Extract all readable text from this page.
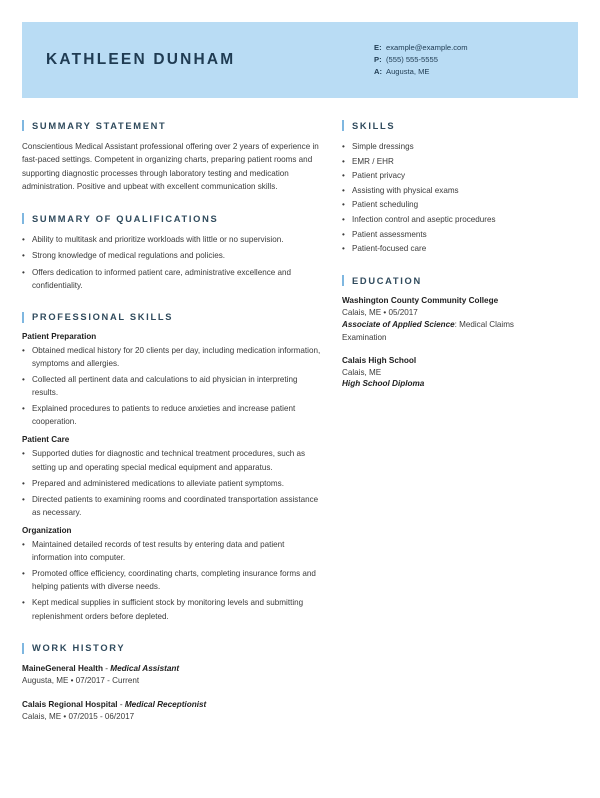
KATHLEEN DUNHAM
E: example@example.com
P: (555) 555-5555
A: Augusta, ME
SUMMARY STATEMENT

Conscientious Medical Assistant professional offering over 2 years of experience in fast-paced settings. Competent in organizing charts, preparing patient rooms and supporting diagnostic processes through laboratory testing and medication administration. Positive and upbeat with excellent communication skills.

SUMMARY OF QUALIFICATIONS
• Ability to multitask and prioritize workloads with little or no supervision.
• Strong knowledge of medical regulations and policies.
• Offers dedication to informed patient care, administrative excellence and confidentiality.
PROFESSIONAL SKILLS
Patient Preparation
• Obtained medical history for 20 clients per day, including medication information, symptoms and allergies.
• Collected all pertinent data and calculations to aid physician in interpreting results.
• Explained procedures to patients to reduce anxieties and increase patient cooperation.
Patient Care
• Supported duties for diagnostic and technical treatment procedures, such as setting up and operating special medical equipment and apparatus.
• Prepared and administered medications to alleviate patient symptoms.
• Directed patients to examining rooms and coordinated transportation assistance as necessary.
Organization
• Maintained detailed records of test results by entering data and patient information into computer.
• Promoted office efficiency, coordinating charts, completing insurance forms and helping patients with diverse needs.
• Kept medical supplies in sufficient stock by monitoring levels and submitting replenishment orders before depleted.
WORK HISTORY
MaineGeneral Health - Medical Assistant
Augusta, ME • 07/2017 - Current
Calais Regional Hospital - Medical Receptionist
Calais, ME • 07/2015 - 06/2017
SKILLS
• Simple dressings
• EMR / EHR
• Patient privacy
• Assisting with physical exams
• Patient scheduling
• Infection control and aseptic procedures
• Patient assessments
• Patient-focused care
EDUCATION
Washington County Community College
Calais, ME • 05/2017
Associate of Applied Science: Medical Claims Examination
Calais High School
Calais, ME
High School Diploma
